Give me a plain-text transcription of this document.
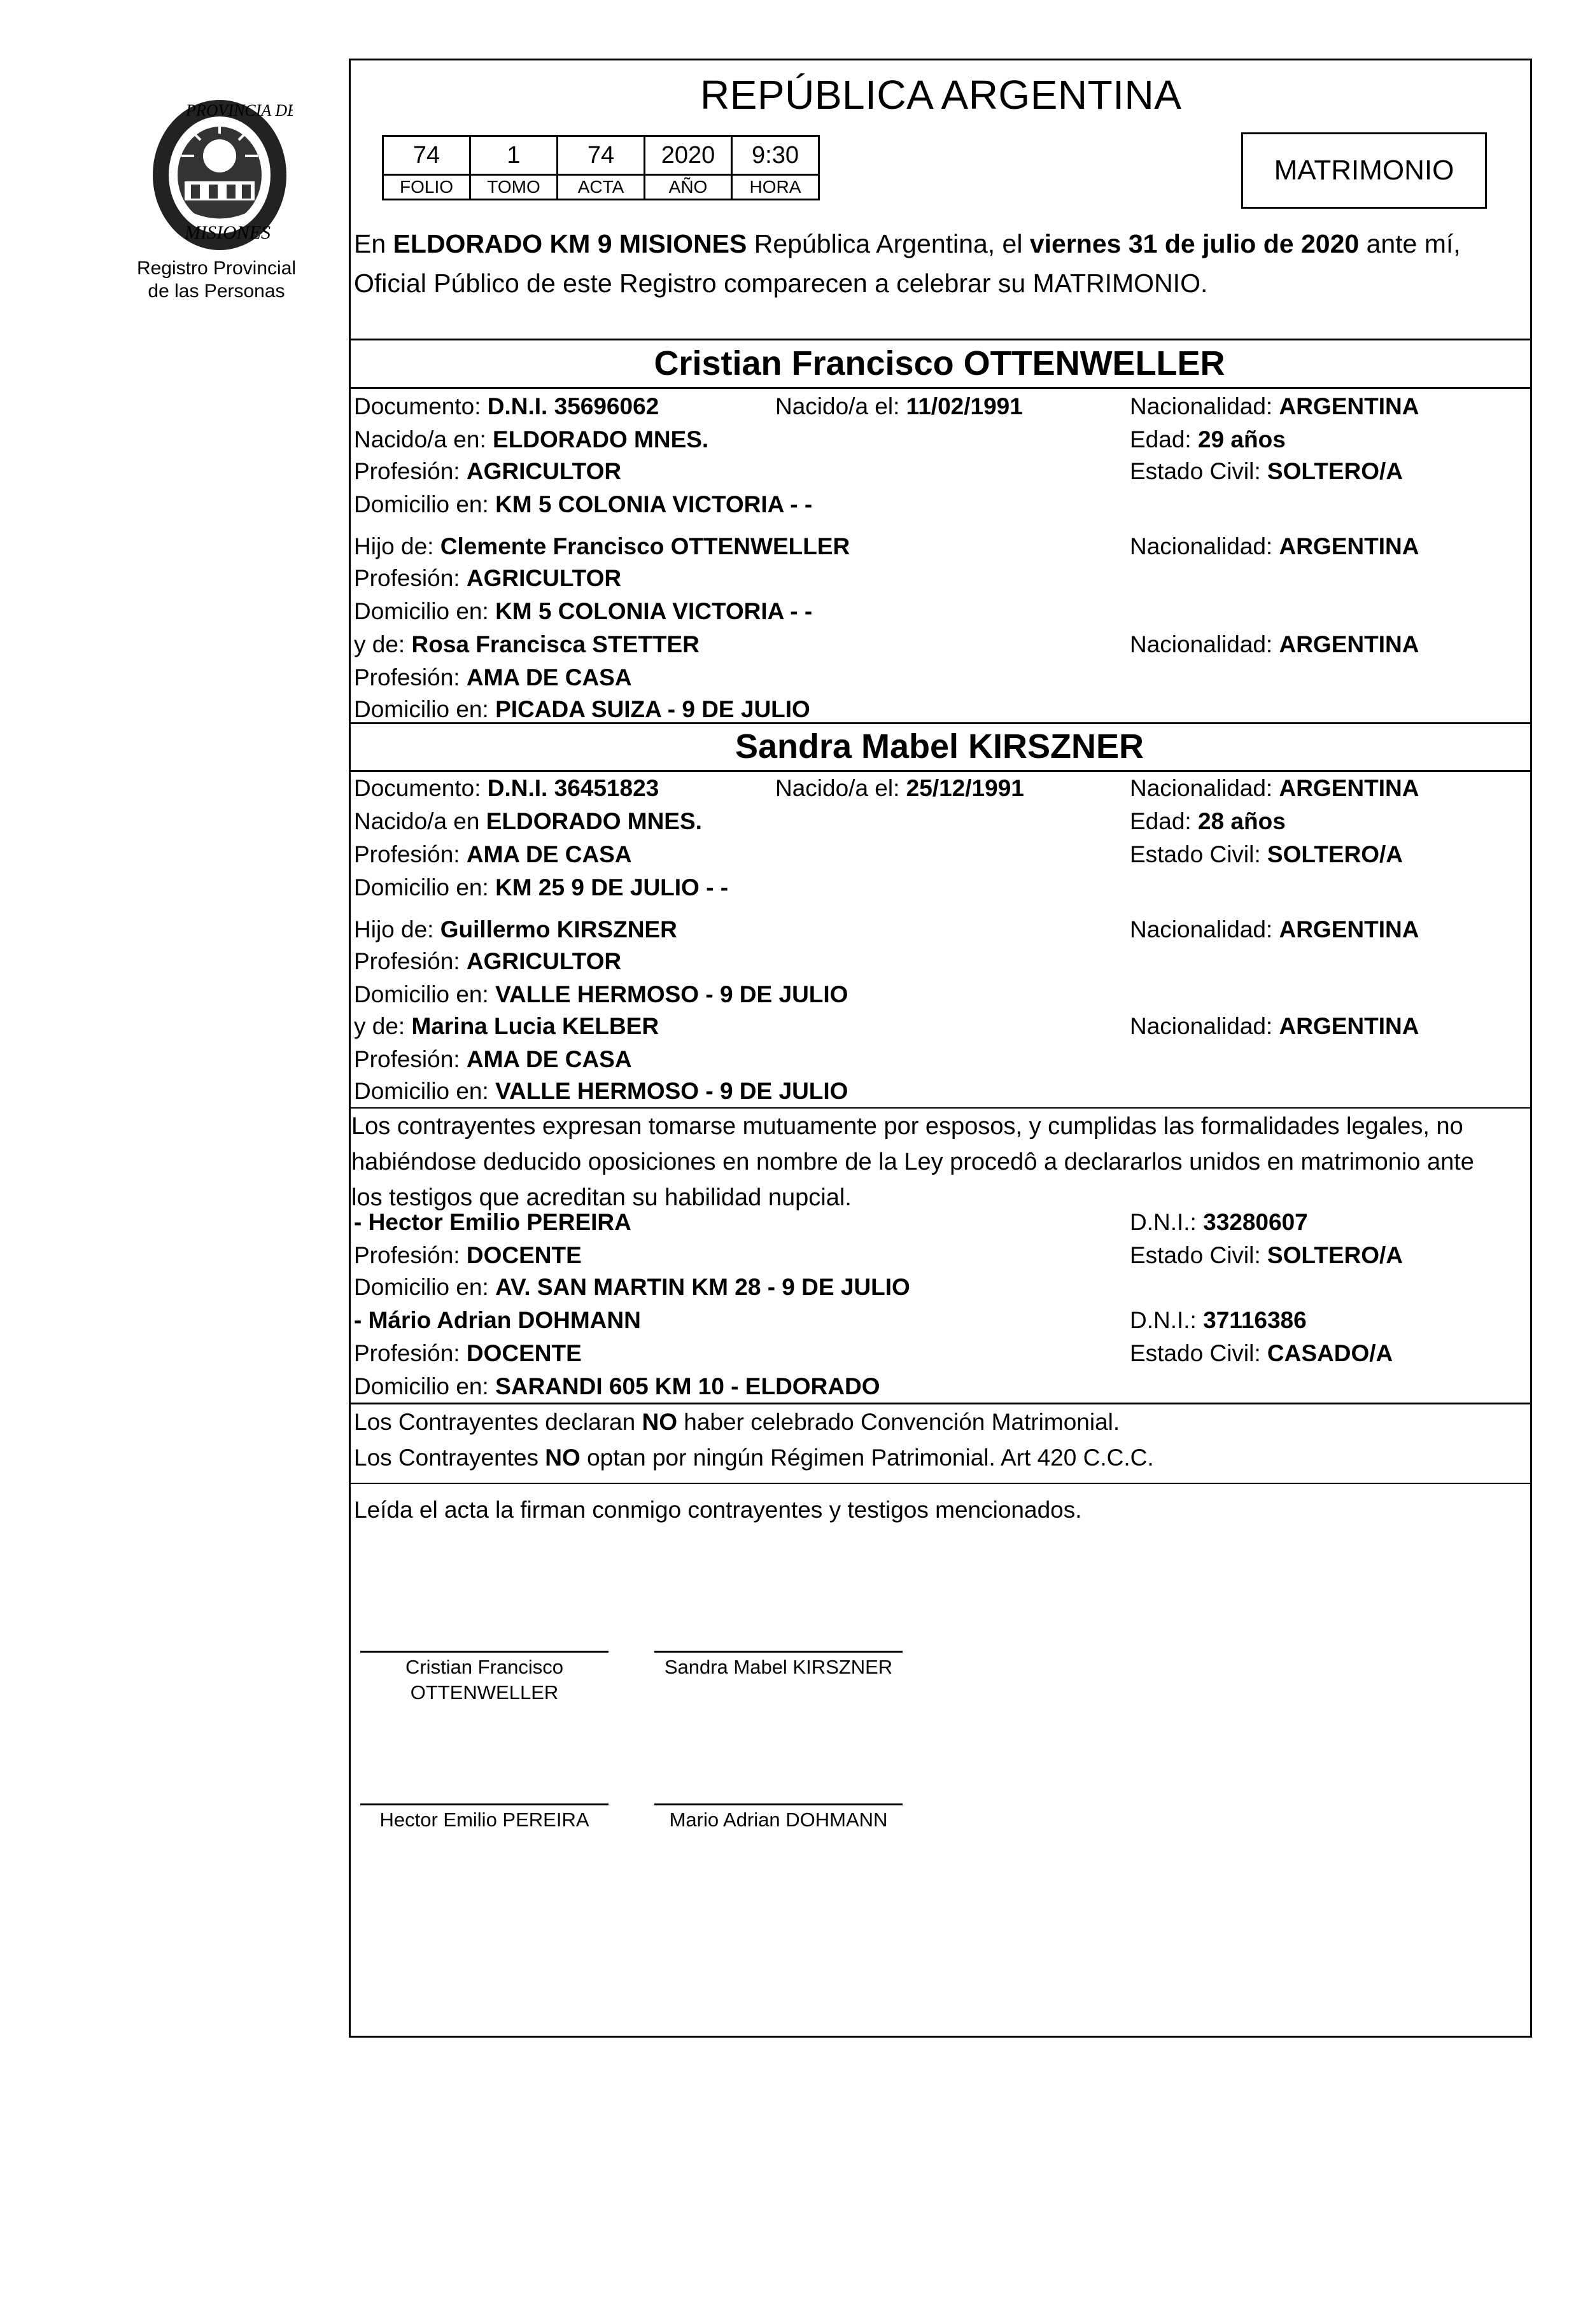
MISIONES
PROVINCIA DE
Registro Provincial
de las Personas
REPÚBLICA ARGENTINA
74	1	74	2020	9:30
FOLIO	TOMO	ACTA	AÑO	HORA
MATRIMONIO
En ELDORADO KM 9 MISIONES República Argentina, el viernes 31 de julio de 2020 ante mí, Oficial Público de este Registro comparecen a celebrar su MATRIMONIO.
Cristian Francisco OTTENWELLER
Documento: D.N.I. 35696062	Nacido/a el: 11/02/1991	Nacionalidad: ARGENTINA
Nacido/a en: ELDORADO MNES.	Edad: 29 años
Profesión: AGRICULTOR	Estado Civil: SOLTERO/A
Domicilio en: KM 5 COLONIA VICTORIA - -
Hijo de: Clemente Francisco OTTENWELLER	Nacionalidad: ARGENTINA
Profesión: AGRICULTOR
Domicilio en: KM 5 COLONIA VICTORIA - -
y de: Rosa Francisca STETTER	Nacionalidad: ARGENTINA
Profesión: AMA DE CASA
Domicilio en: PICADA SUIZA - 9 DE JULIO
Sandra Mabel KIRSZNER
Documento: D.N.I. 36451823	Nacido/a el: 25/12/1991	Nacionalidad: ARGENTINA
Nacido/a en ELDORADO MNES.	Edad: 28 años
Profesión: AMA DE CASA	Estado Civil: SOLTERO/A
Domicilio en: KM 25 9 DE JULIO - -
Hijo de: Guillermo KIRSZNER	Nacionalidad: ARGENTINA
Profesión: AGRICULTOR
Domicilio en: VALLE HERMOSO - 9 DE JULIO
y de: Marina Lucia KELBER	Nacionalidad: ARGENTINA
Profesión: AMA DE CASA
Domicilio en: VALLE HERMOSO - 9 DE JULIO
Los contrayentes expresan tomarse mutuamente por esposos, y cumplidas las formalidades legales, no
habiéndose deducido oposiciones en nombre de la Ley procedô a declararlos unidos en matrimonio ante
los testigos que acreditan su habilidad nupcial.
- Hector Emilio PEREIRA	D.N.I.: 33280607
Profesión: DOCENTE	Estado Civil: SOLTERO/A
Domicilio en: AV. SAN MARTIN KM 28 - 9 DE JULIO
- Mário Adrian DOHMANN	D.N.I.: 37116386
Profesión: DOCENTE	Estado Civil: CASADO/A
Domicilio en: SARANDI 605 KM 10 - ELDORADO
Los Contrayentes declaran NO haber celebrado Convención Matrimonial.
Los Contrayentes NO optan por ningún Régimen Patrimonial. Art 420 C.C.C.
Leída el acta la firman conmigo contrayentes y testigos mencionados.
Cristian Francisco
OTTENWELLER
Sandra Mabel KIRSZNER
Hector Emilio PEREIRA	Mario Adrian DOHMANN
